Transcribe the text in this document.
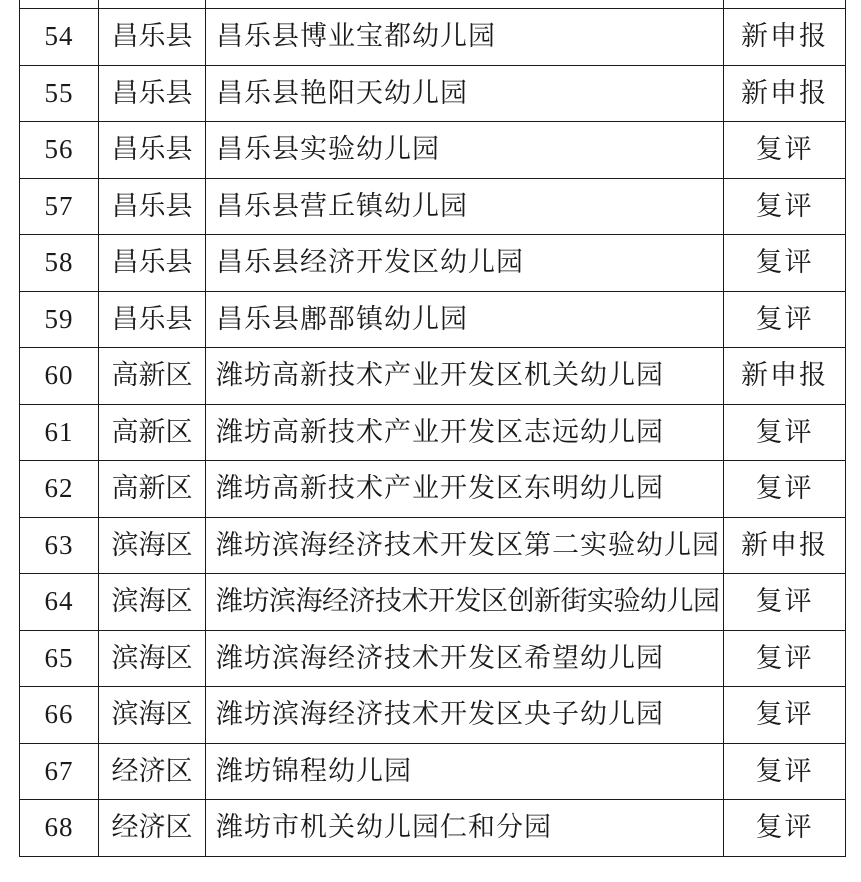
54	昌乐县	昌乐县博业宝都幼儿园	新申报
55	昌乐县	昌乐县艳阳天幼儿园	新申报
56	昌乐县	昌乐县实验幼儿园	复评
57	昌乐县	昌乐县营丘镇幼儿园	复评
58	昌乐县	昌乐县经济开发区幼儿园	复评
59	昌乐县	昌乐县鄌郚镇幼儿园	复评
60	高新区	潍坊高新技术产业开发区机关幼儿园	新申报
61	高新区	潍坊高新技术产业开发区志远幼儿园	复评
62	高新区	潍坊高新技术产业开发区东明幼儿园	复评
63	滨海区	潍坊滨海经济技术开发区第二实验幼儿园	新申报
64	滨海区	潍坊滨海经济技术开发区创新街实验幼儿园	复评
65	滨海区	潍坊滨海经济技术开发区希望幼儿园	复评
66	滨海区	潍坊滨海经济技术开发区央子幼儿园	复评
67	经济区	潍坊锦程幼儿园	复评
68	经济区	潍坊市机关幼儿园仁和分园	复评
